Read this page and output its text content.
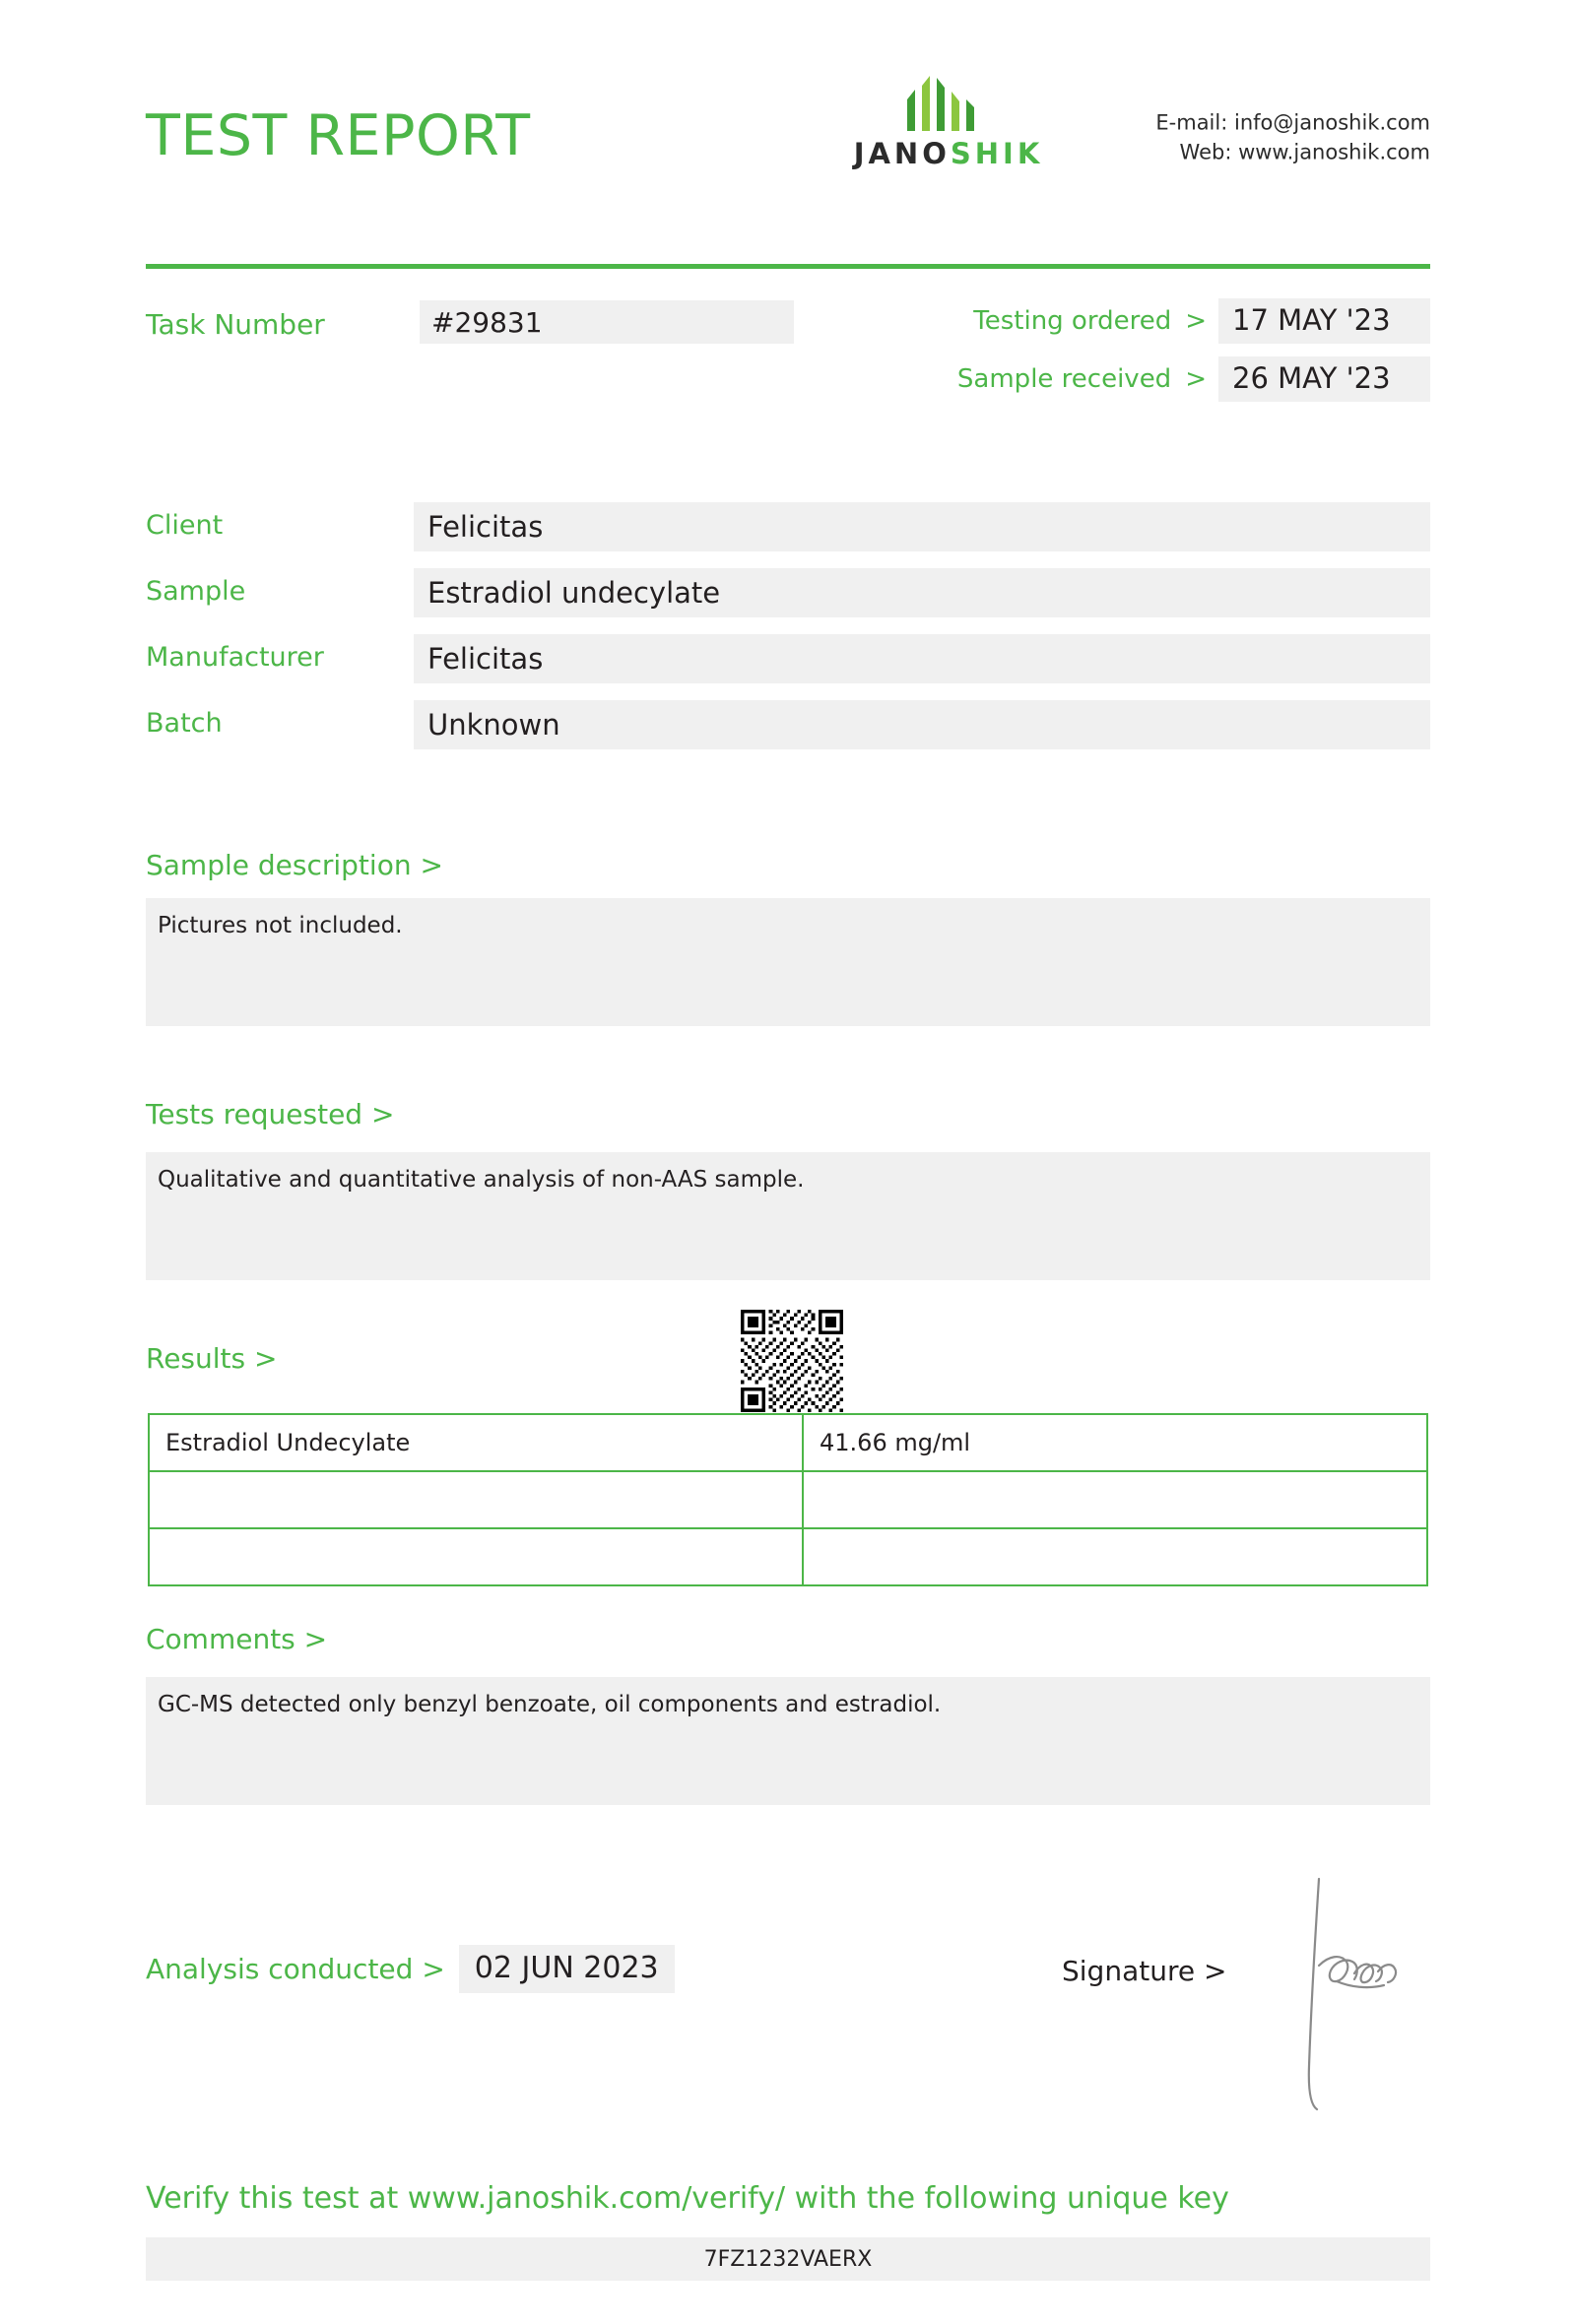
TEST REPORT	JANOSHIK
E-mail: info@janoshik.com
Web: www.janoshik.com
Task Number	#29831	Testing ordered > 17 MAY '23
Sample received > 26 MAY '23
Client	Felicitas
Sample	Estradiol undecylate
Manufacturer	Felicitas
Batch	Unknown
Sample description >
Pictures not included.
Tests requested >
Qualitative and quantitative analysis of non-AAS sample.
Results >
Estradiol Undecylate	41.66 mg/ml

Comments >
GC-MS detected only benzyl benzoate, oil components and estradiol.
Analysis conducted >	02 JUN 2023	Signature >
Verify this test at www.janoshik.com/verify/ with the following unique key
7FZ1232VAERX
